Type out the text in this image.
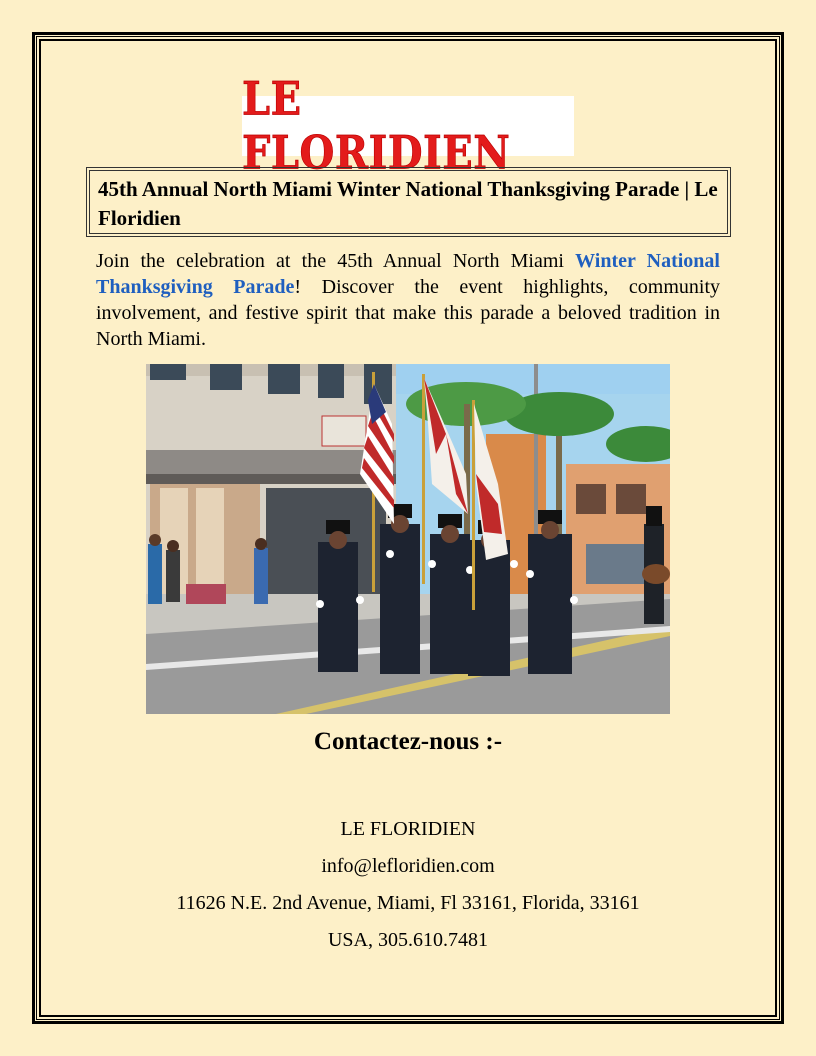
LE FLORIDIEN
45th Annual North Miami Winter National Thanksgiving Parade | Le Floridien
Join the celebration at the 45th Annual North Miami Winter National Thanksgiving Parade! Discover the event highlights, community involvement, and festive spirit that make this parade a beloved tradition in North Miami.
Contactez-nous :-
LE FLORIDIEN
info@lefloridien.com
11626 N.E. 2nd Avenue, Miami, Fl 33161, Florida, 33161
USA, 305.610.7481
